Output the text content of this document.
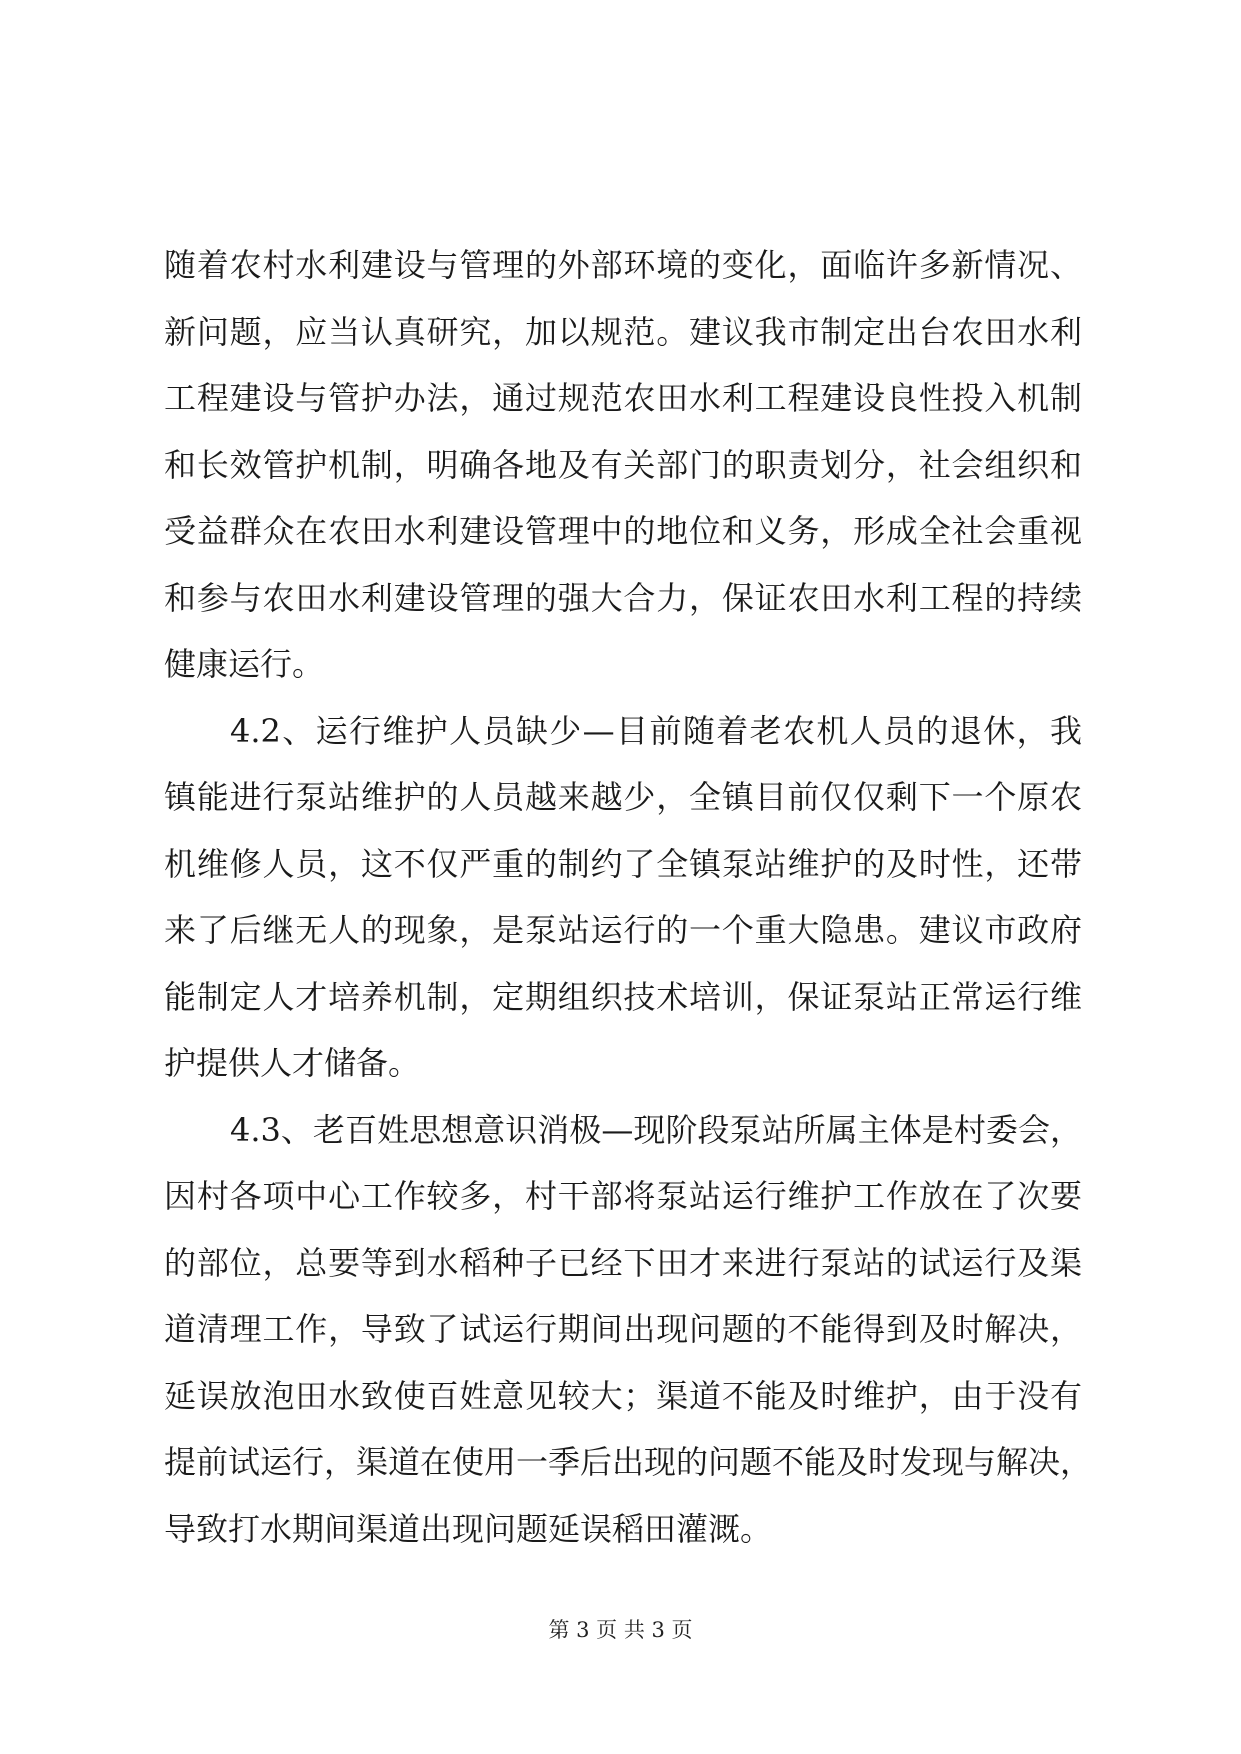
随着农村水利建设与管理的外部环境的变化，面临许多新情况、
新问题，应当认真研究，加以规范。建议我市制定出台农田水利
工程建设与管护办法，通过规范农田水利工程建设良性投入机制
和长效管护机制，明确各地及有关部门的职责划分，社会组织和
受益群众在农田水利建设管理中的地位和义务，形成全社会重视
和参与农田水利建设管理的强大合力，保证农田水利工程的持续
健康运行。
4.2、运行维护人员缺少—目前随着老农机人员的退休，我
镇能进行泵站维护的人员越来越少，全镇目前仅仅剩下一个原农
机维修人员，这不仅严重的制约了全镇泵站维护的及时性，还带
来了后继无人的现象，是泵站运行的一个重大隐患。建议市政府
能制定人才培养机制，定期组织技术培训，保证泵站正常运行维
护提供人才储备。
4.3、老百姓思想意识消极—现阶段泵站所属主体是村委会，
因村各项中心工作较多，村干部将泵站运行维护工作放在了次要
的部位，总要等到水稻种子已经下田才来进行泵站的试运行及渠
道清理工作，导致了试运行期间出现问题的不能得到及时解决，
延误放泡田水致使百姓意见较大；渠道不能及时维护，由于没有
提前试运行，渠道在使用一季后出现的问题不能及时发现与解决，
导致打水期间渠道出现问题延误稻田灌溉。
第 3 页 共 3 页
